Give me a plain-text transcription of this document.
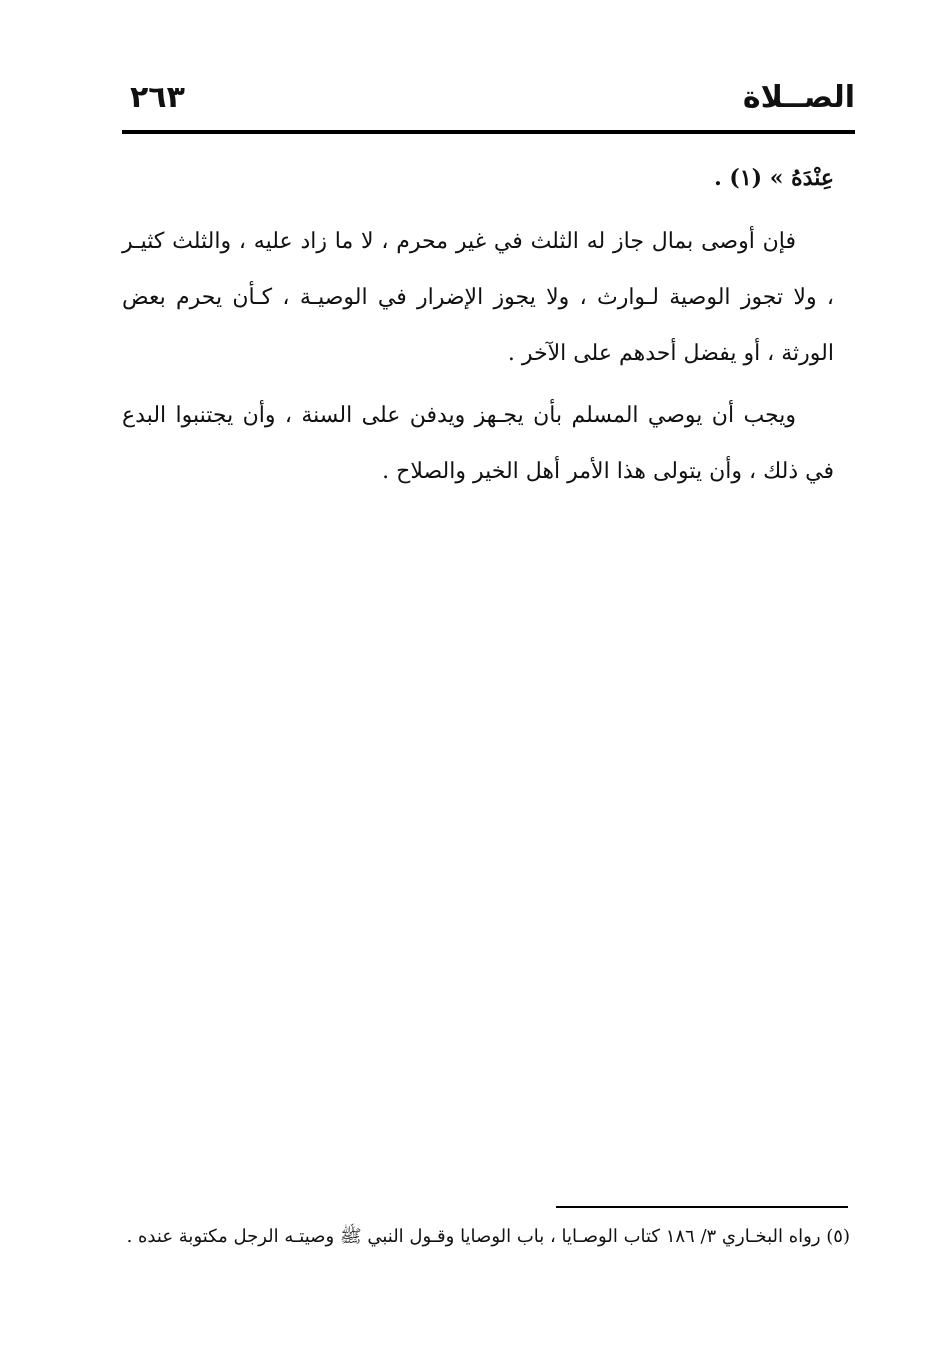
الصــلاة
٢٦٣

عِنْدَهُ » (١) .

فإن أوصى بمال جاز له الثلث في غير محرم ، لا ما زاد عليه ، والثلث كثيـر ، ولا تجوز الوصية لـوارث ، ولا يجوز الإضرار في الوصيـة ، كـأن يحرم بعض الورثة ، أو يفضل أحدهم على الآخر .

ويجب أن يوصي المسلم بأن يجـهز ويدفن على السنة ، وأن يجتنبوا البدع في ذلك ، وأن يتولى هذا الأمر أهل الخير والصلاح .

(٥) رواه البخـاري ٣/ ١٨٦ كتاب الوصـايا ، باب الوصايا وقـول النبي ﷺ وصيتـه الرجل مكتوبة عنده .
